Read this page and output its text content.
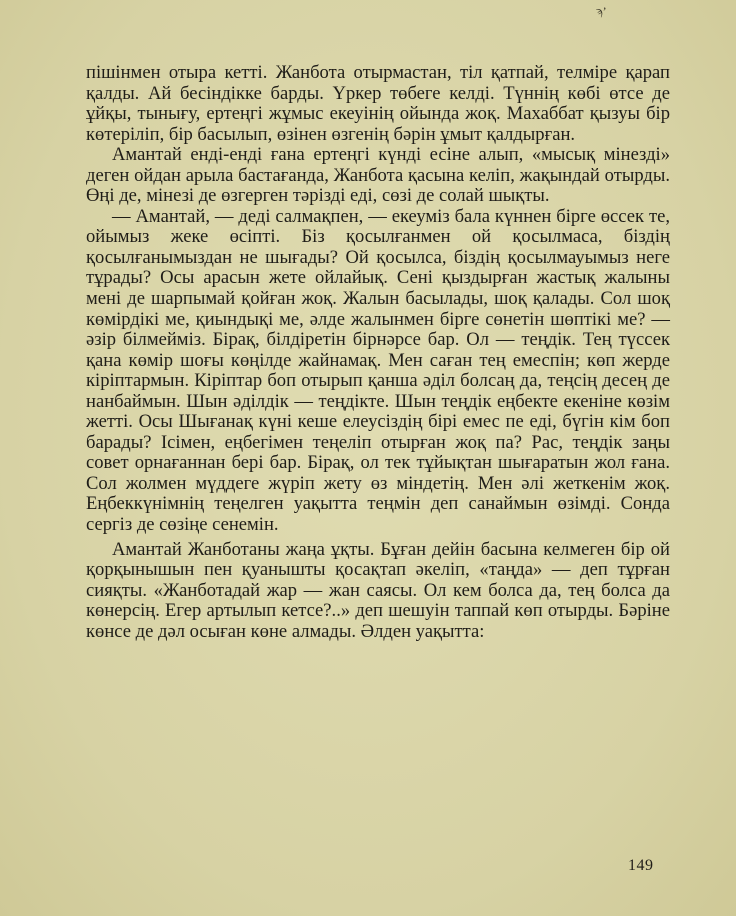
ϡ’

пішінмен отыра кетті. Жанбота отырмастан, тіл қатпай, телміре қарап қалды. Ай бесіндікке барды. Үркер төбеге келді. Түннің көбі өтсе де ұйқы, тынығу, ертеңгі жұмыс екеуінің ойында жоқ. Махаббат қызуы бір көтеріліп, бір басылып, өзінен өзгенің бәрін ұмыт қалдырған.

Амантай енді-енді ғана ертеңгі күнді есіне алып, «мысық мінезді» деген ойдан арыла бастағанда, Жанбота қасына келіп, жақындай отырды. Өңі де, мінезі де өзгерген тәрізді еді, сөзі де солай шықты.

— Амантай, — деді салмақпен, — екеуміз бала күннен бірге өссек те, ойымыз жеке өсіпті. Біз қосылғанмен ой қосылмаса, біздің қосылғанымыздан не шығады? Ой қосылса, біздің қосылмауымыз неге тұрады? Осы арасын жете ойлайық. Сені қыздырған жастық жалыны мені де шарпымай қойған жоқ. Жалын басылады, шоқ қалады. Сол шоқ көмірдікі ме, қиындықі ме, әлде жалынмен бірге сөнетін шөптікі ме? — әзір білмейміз. Бірақ, білдіретін бірнәрсе бар. Ол — теңдік. Тең түссек қана көмір шоғы көңілде жайнамақ. Мен саған тең емеспін; көп жерде кіріптармын. Кіріптар боп отырып қанша әділ болсаң да, теңсің десең де нанбаймын. Шын әділдік — теңдікте. Шын теңдік еңбекте екеніне көзім жетті. Осы Шығанақ күні кеше елеусіздің бірі емес пе еді, бүгін кім боп барады? Ісімен, еңбегімен теңеліп отырған жоқ па? Рас, теңдік заңы совет орнағаннан бері бар. Бірақ, ол тек тұйықтан шығаратын жол ғана. Сол жолмен мүддеге жүріп жету өз міндетің. Мен әлі жеткенім жоқ. Еңбеккүнімнің теңелген уақытта теңмін деп санаймын өзімді. Сонда сергіз де сөзіңе сенемін.

Амантай Жанботаны жаңа ұқты. Бұған дейін басына келмеген бір ой қорқынышын пен қуанышты қосақтап әкеліп, «таңда» — деп тұрған сияқты. «Жанботадай жар — жан саясы. Ол кем болса да, тең болса да көнерсің. Егер артылып кетсе?..» деп шешуін таппай көп отырды. Бәріне көнсе де дәл осыған көне алмады. Әлден уақытта:

149
